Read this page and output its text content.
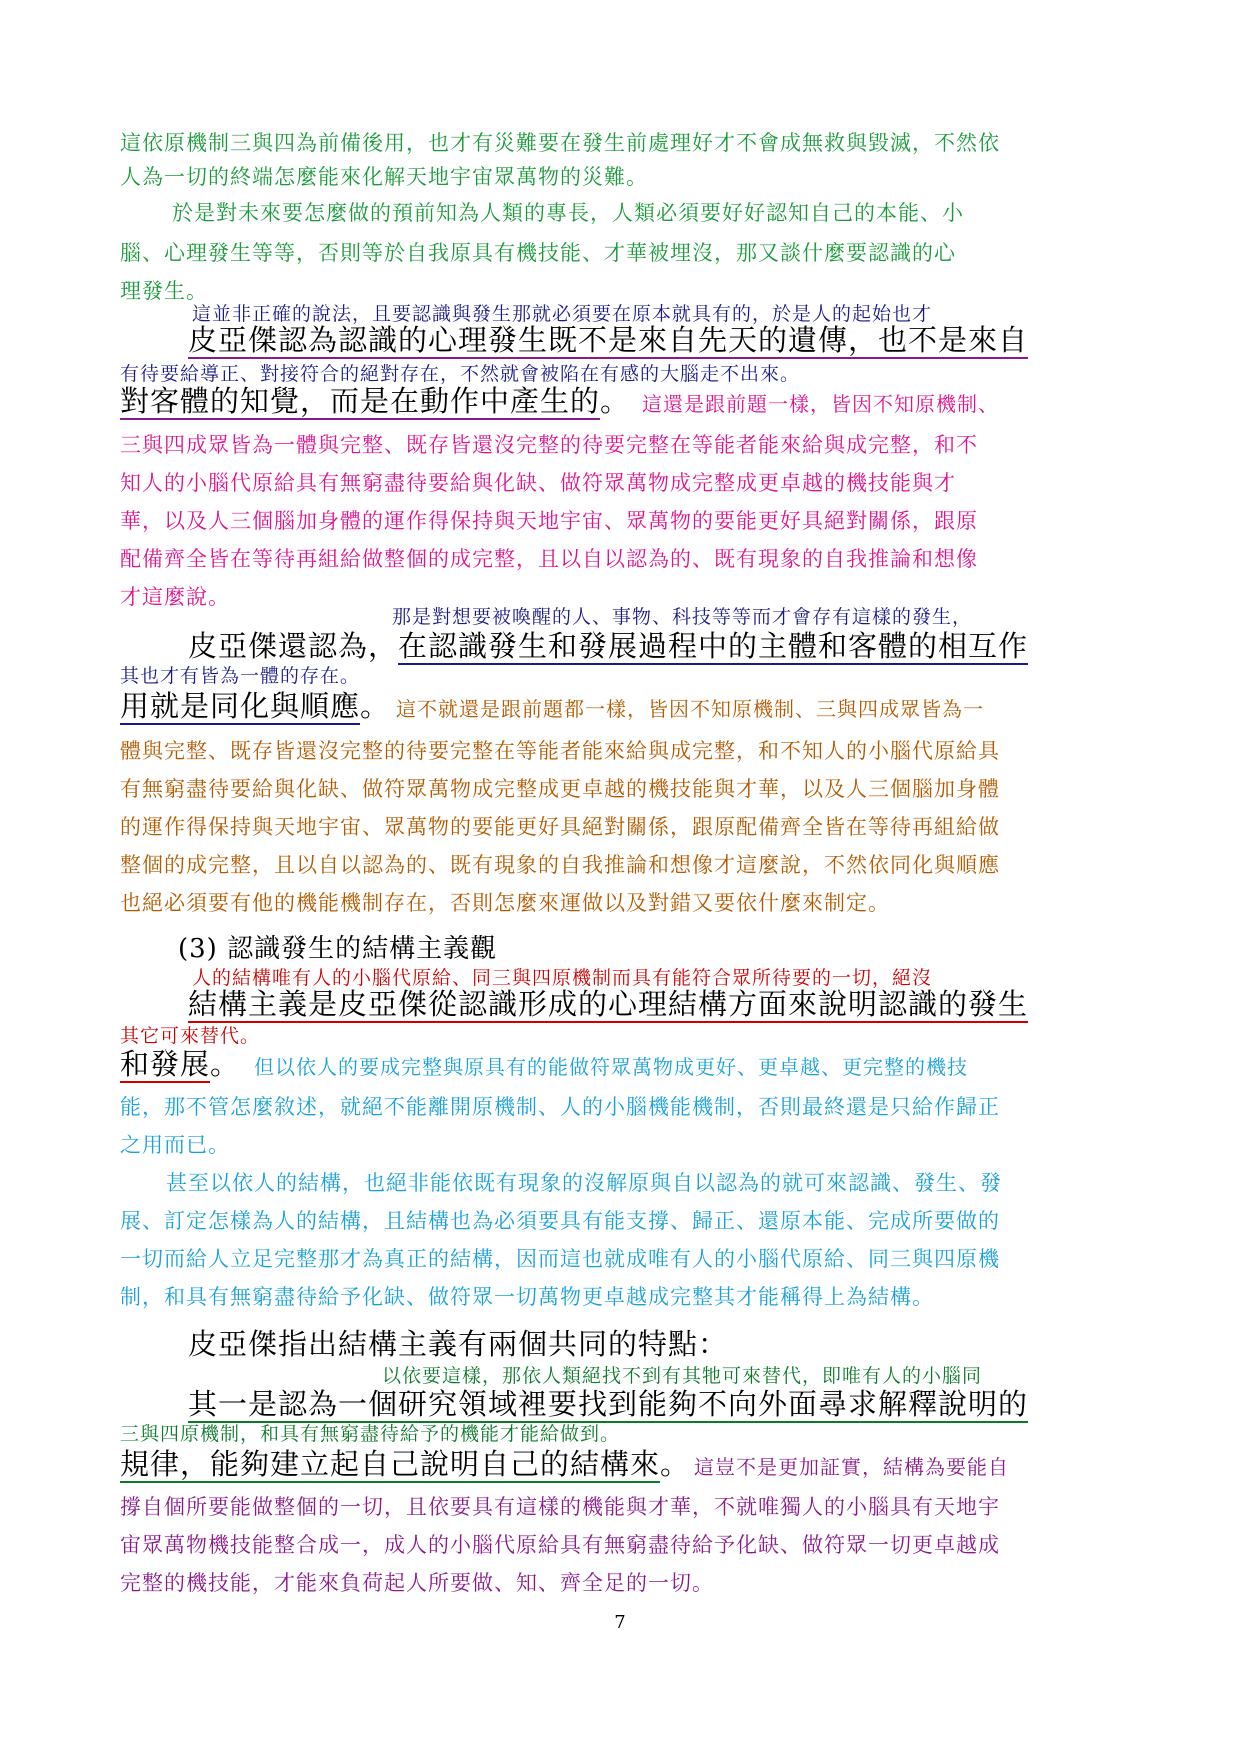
這依原機制三與四為前備後用，也才有災難要在發生前處理好才不會成無救與毀滅，不然依
人為一切的終端怎麼能來化解天地宇宙眾萬物的災難。
於是對未來要怎麼做的預前知為人類的專長，人類必須要好好認知自己的本能、小
腦、心理發生等等，否則等於自我原具有機技能、才華被埋沒，那又談什麼要認識的心
理發生。
這並非正確的說法，且要認識與發生那就必須要在原本就具有的，於是人的起始也才
皮亞傑認為認識的心理發生既不是來自先天的遺傳，也不是來自
有待要給導正、對接符合的絕對存在，不然就會被陷在有感的大腦走不出來。
對客體的知覺，而是在動作中產生的。 這還是跟前題一樣，皆因不知原機制、
三與四成眾皆為一體與完整、既存皆還沒完整的待要完整在等能者能來給與成完整，和不
知人的小腦代原給具有無窮盡待要給與化缺、做符眾萬物成完整成更卓越的機技能與才
華，以及人三個腦加身體的運作得保持與天地宇宙、眾萬物的要能更好具絕對關係，跟原
配備齊全皆在等待再組給做整個的成完整，且以自以認為的、既有現象的自我推論和想像
才這麼說。
那是對想要被喚醒的人、事物、科技等等而才會存有這樣的發生，
皮亞傑還認為，在認識發生和發展過程中的主體和客體的相互作
其也才有皆為一體的存在。
用就是同化與順應。 這不就還是跟前題都一樣，皆因不知原機制、三與四成眾皆為一
體與完整、既存皆還沒完整的待要完整在等能者能來給與成完整，和不知人的小腦代原給具
有無窮盡待要給與化缺、做符眾萬物成完整成更卓越的機技能與才華，以及人三個腦加身體
的運作得保持與天地宇宙、眾萬物的要能更好具絕對關係，跟原配備齊全皆在等待再組給做
整個的成完整，且以自以認為的、既有現象的自我推論和想像才這麼說，不然依同化與順應
也絕必須要有他的機能機制存在，否則怎麼來運做以及對錯又要依什麼來制定。
(3) 認識發生的結構主義觀
人的結構唯有人的小腦代原給、同三與四原機制而具有能符合眾所待要的一切，絕沒
結構主義是皮亞傑從認識形成的心理結構方面來說明認識的發生
其它可來替代。
和發展。 但以依人的要成完整與原具有的能做符眾萬物成更好、更卓越、更完整的機技
能，那不管怎麼敘述，就絕不能離開原機制、人的小腦機能機制，否則最終還是只給作歸正
之用而已。
甚至以依人的結構，也絕非能依既有現象的沒解原與自以認為的就可來認識、發生、發
展、訂定怎樣為人的結構，且結構也為必須要具有能支撐、歸正、還原本能、完成所要做的
一切而給人立足完整那才為真正的結構，因而這也就成唯有人的小腦代原給、同三與四原機
制，和具有無窮盡待給予化缺、做符眾一切萬物更卓越成完整其才能稱得上為結構。
皮亞傑指出結構主義有兩個共同的特點：
以依要這樣，那依人類絕找不到有其牠可來替代，即唯有人的小腦同
其一是認為一個研究領域裡要找到能夠不向外面尋求解釋說明的
三與四原機制，和具有無窮盡待給予的機能才能給做到。
規律，能夠建立起自己說明自己的結構來。 這豈不是更加証實，結構為要能自
撐自個所要能做整個的一切，且依要具有這樣的機能與才華，不就唯獨人的小腦具有天地宇
宙眾萬物機技能整合成一，成人的小腦代原給具有無窮盡待給予化缺、做符眾一切更卓越成
完整的機技能，才能來負荷起人所要做、知、齊全足的一切。
7
